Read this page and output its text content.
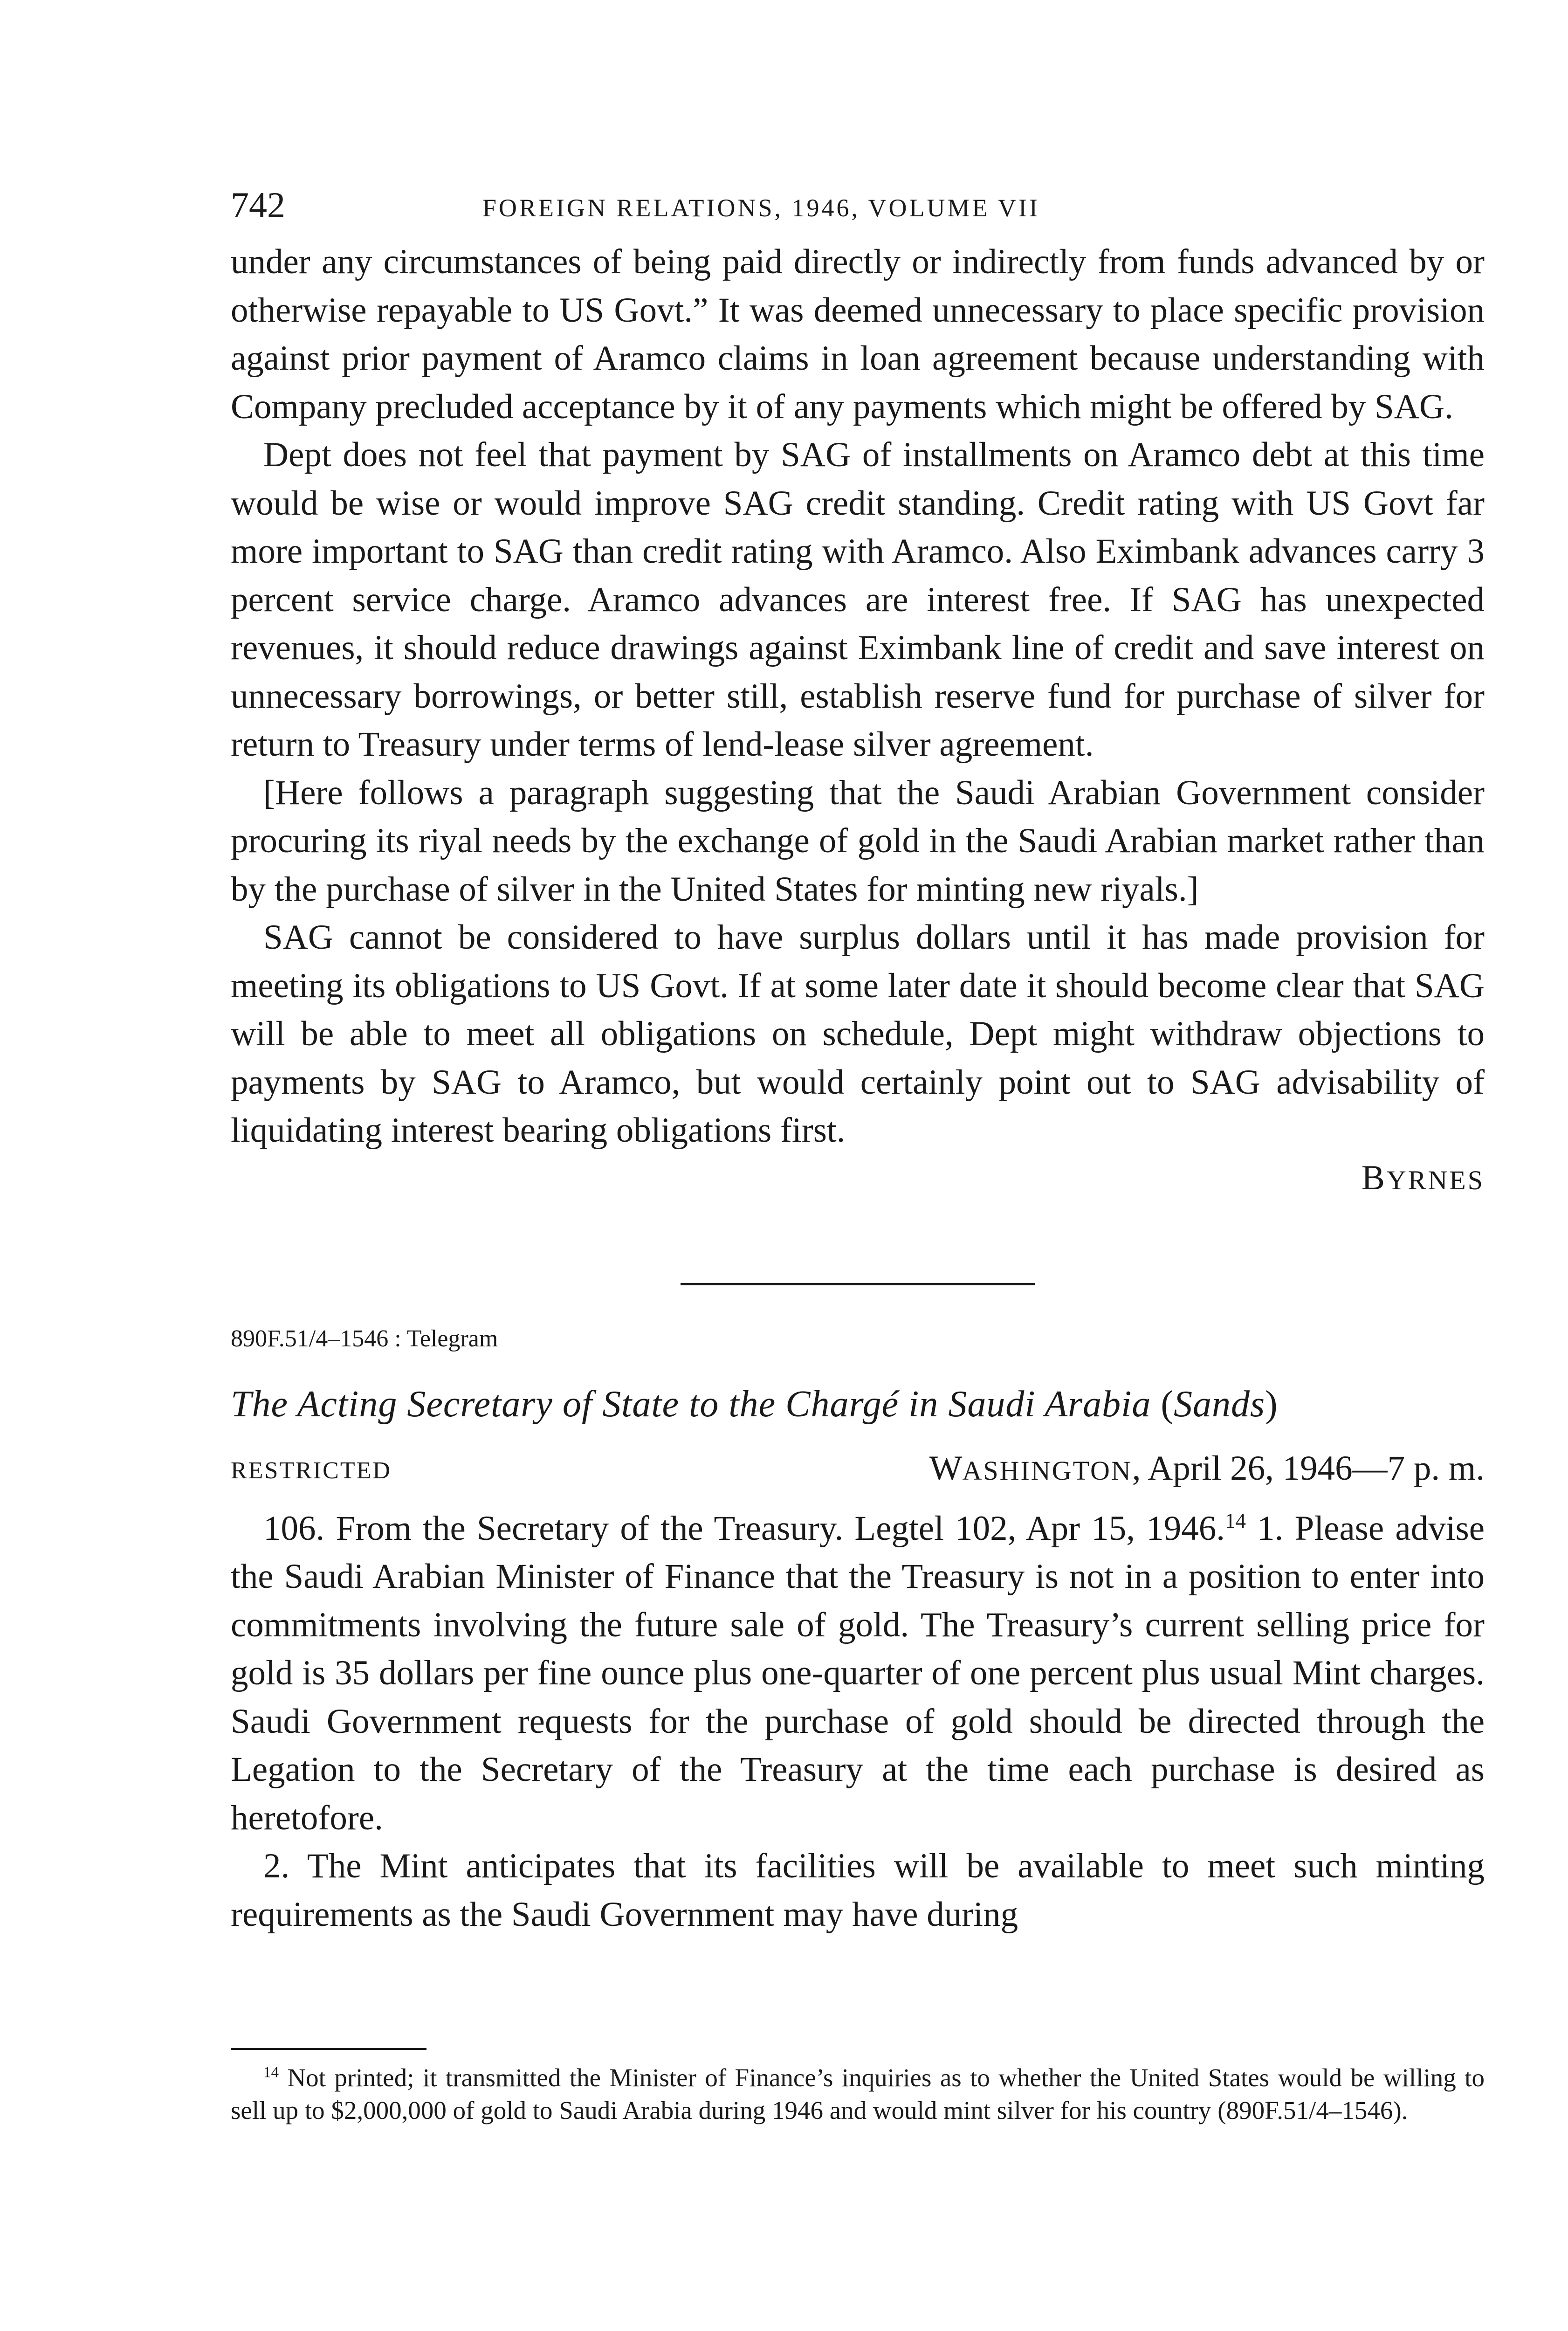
742	FOREIGN RELATIONS, 1946, VOLUME VII

under any circumstances of being paid directly or indirectly from funds advanced by or otherwise repayable to US Govt.” It was deemed unnecessary to place specific provision against prior payment of Aramco claims in loan agreement because understanding with Company precluded acceptance by it of any payments which might be offered by SAG.

Dept does not feel that payment by SAG of installments on Aramco debt at this time would be wise or would improve SAG credit standing. Credit rating with US Govt far more important to SAG than credit rating with Aramco. Also Eximbank advances carry 3 percent service charge. Aramco advances are interest free. If SAG has unexpected revenues, it should reduce drawings against Eximbank line of credit and save interest on unnecessary borrowings, or better still, establish reserve fund for purchase of silver for return to Treasury under terms of lend-lease silver agreement.

[Here follows a paragraph suggesting that the Saudi Arabian Government consider procuring its riyal needs by the exchange of gold in the Saudi Arabian market rather than by the purchase of silver in the United States for minting new riyals.]

SAG cannot be considered to have surplus dollars until it has made provision for meeting its obligations to US Govt. If at some later date it should become clear that SAG will be able to meet all obligations on schedule, Dept might withdraw objections to payments by SAG to Aramco, but would certainly point out to SAG advisability of liquidating interest bearing obligations first.

BYRNES
890F.51/4–1546 : Telegram
The Acting Secretary of State to the Chargé in Saudi Arabia (Sands)
RESTRICTED	WASHINGTON, April 26, 1946—7 p. m.

106. From the Secretary of the Treasury. Legtel 102, Apr 15, 1946.14 1. Please advise the Saudi Arabian Minister of Finance that the Treasury is not in a position to enter into commitments involving the future sale of gold. The Treasury’s current selling price for gold is 35 dollars per fine ounce plus one-quarter of one percent plus usual Mint charges. Saudi Government requests for the purchase of gold should be directed through the Legation to the Secretary of the Treasury at the time each purchase is desired as heretofore.

2. The Mint anticipates that its facilities will be available to meet such minting requirements as the Saudi Government may have during

$^{14}$ Not printed; it transmitted the Minister of Finance’s inquiries as to whether the United States would be willing to sell up to $2,000,000 of gold to Saudi Arabia during 1946 and would mint silver for his country (890F.51/4–1546).
